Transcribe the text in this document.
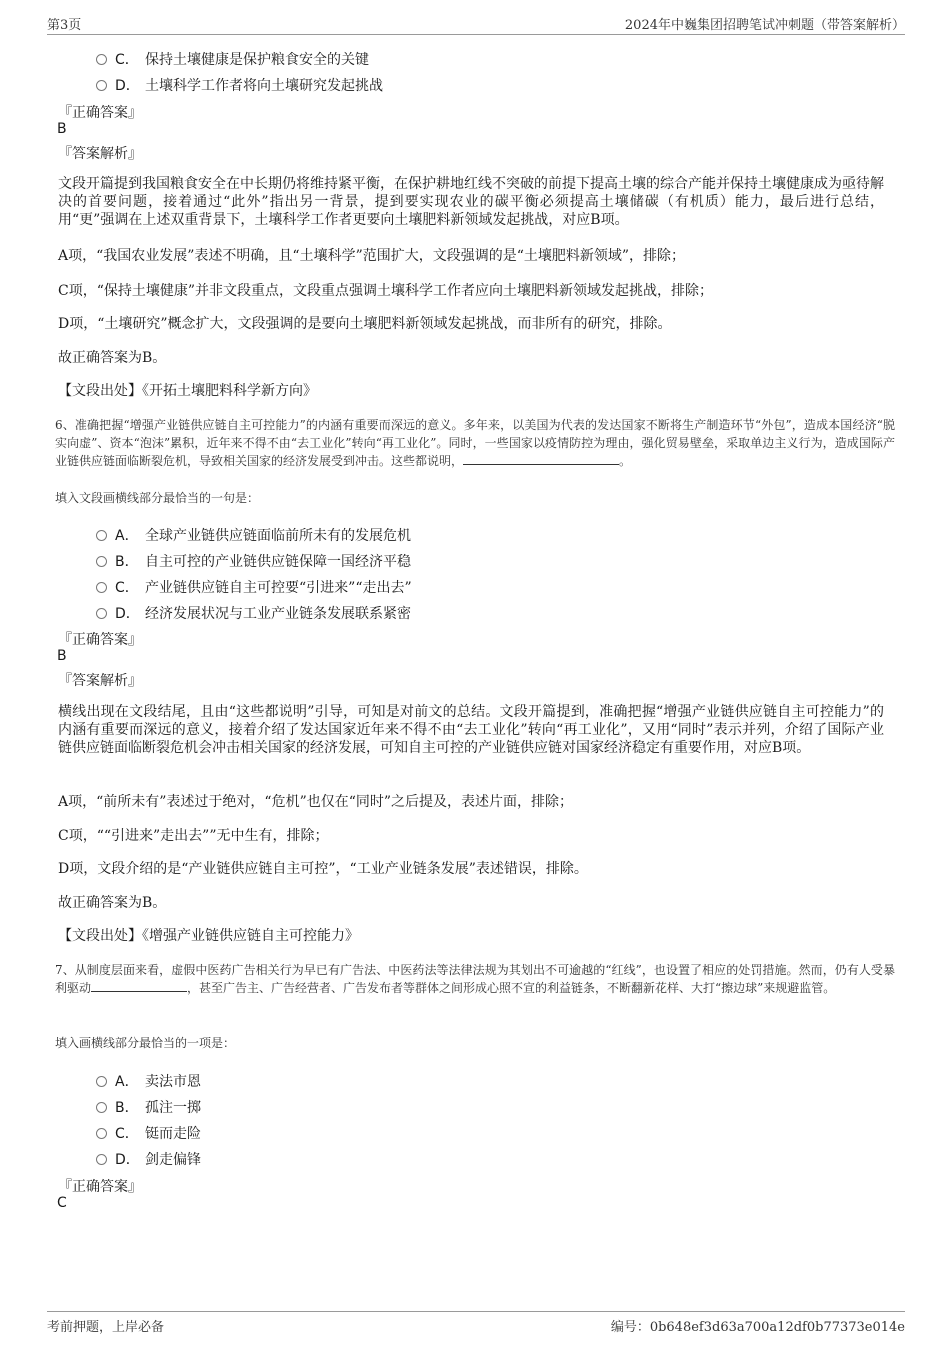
第3页	2024年中巍集团招聘笔试冲刺题（带答案解析）
C． 保持土壤健康是保护粮食安全的关键
D． 土壤科学工作者将向土壤研究发起挑战
『正确答案』
B
『答案解析』
文段开篇提到我国粮食安全在中长期仍将维持紧平衡，在保护耕地红线不突破的前提下提高土壤的综合产能并保持土壤健康成为亟待解决的首要问题，接着通过“此外”指出另一背景，提到要实现农业的碳平衡必须提高土壤储碳（有机质）能力，最后进行总结，用“更”强调在上述双重背景下，土壤科学工作者更要向土壤肥料新领域发起挑战，对应B项。
A项，“我国农业发展”表述不明确，且“土壤科学”范围扩大，文段强调的是“土壤肥料新领域”，排除；
C项，“保持土壤健康”并非文段重点，文段重点强调土壤科学工作者应向土壤肥料新领域发起挑战，排除；
D项，“土壤研究”概念扩大，文段强调的是要向土壤肥料新领域发起挑战，而非所有的研究，排除。
故正确答案为B。
【文段出处】《开拓土壤肥料科学新方向》
6、准确把握“增强产业链供应链自主可控能力”的内涵有重要而深远的意义。多年来，以美国为代表的发达国家不断将生产制造环节“外包”，造成本国经济“脱实向虚”、资本“泡沫”累积，近年来不得不由“去工业化”转向“再工业化”。同时，一些国家以疫情防控为理由，强化贸易壁垒，采取单边主义行为，造成国际产业链供应链面临断裂危机，导致相关国家的经济发展受到冲击。这些都说明，	。
填入文段画横线部分最恰当的一句是：
A． 全球产业链供应链面临前所未有的发展危机
B． 自主可控的产业链供应链保障一国经济平稳
C． 产业链供应链自主可控要“引进来”“走出去”
D． 经济发展状况与工业产业链条发展联系紧密
『正确答案』
B
『答案解析』
横线出现在文段结尾，且由“这些都说明”引导，可知是对前文的总结。文段开篇提到，准确把握“增强产业链供应链自主可控能力”的内涵有重要而深远的意义，接着介绍了发达国家近年来不得不由“去工业化”转向“再工业化”，又用“同时”表示并列，介绍了国际产业链供应链面临断裂危机会冲击相关国家的经济发展，可知自主可控的产业链供应链对国家经济稳定有重要作用，对应B项。
A项，“前所未有”表述过于绝对，“危机”也仅在“同时”之后提及，表述片面，排除；
C项，““引进来”走出去””无中生有，排除；
D项，文段介绍的是“产业链供应链自主可控”，“工业产业链条发展”表述错误，排除。
故正确答案为B。
【文段出处】《增强产业链供应链自主可控能力》
7、从制度层面来看，虚假中医药广告相关行为早已有广告法、中医药法等法律法规为其划出不可逾越的“红线”，也设置了相应的处罚措施。然而，仍有人受暴利驱动	，甚至广告主、广告经营者、广告发布者等群体之间形成心照不宣的利益链条，不断翻新花样、大打“擦边球”来规避监管。
填入画横线部分最恰当的一项是：
A． 卖法市恩
B． 孤注一掷
C． 铤而走险
D． 剑走偏锋
『正确答案』
C
考前押题，上岸必备	编号：0b648ef3d63a700a12df0b77373e014e
